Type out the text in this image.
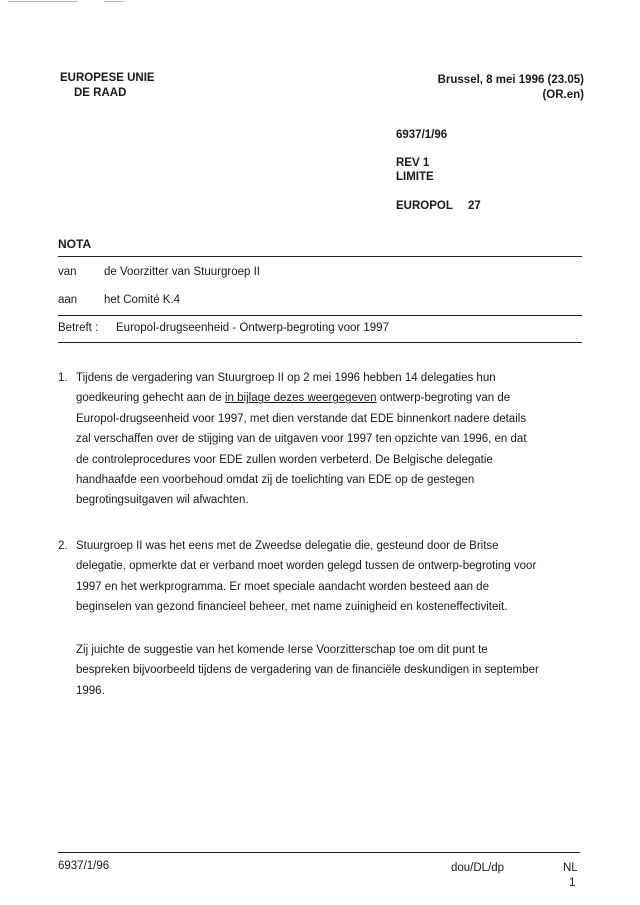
EUROPESE UNIE
DE RAAD
Brussel, 8 mei 1996 (23.05)
(OR.en)
6937/1/96
REV 1
LIMITE
EUROPOL 27
NOTA
van de Voorzitter van Stuurgroep II
aan het Comité K.4
Betreft : Europol-drugseenheid - Ontwerp-begroting voor 1997
1. Tijdens de vergadering van Stuurgroep II op 2 mei 1996 hebben 14 delegaties hun
goedkeuring gehecht aan de in bijlage dezes weergegeven ontwerp-begroting van de
Europol-drugseenheid voor 1997, met dien verstande dat EDE binnenkort nadere details
zal verschaffen over de stijging van de uitgaven voor 1997 ten opzichte van 1996, en dat
de controleprocedures voor EDE zullen worden verbeterd. De Belgische delegatie
handhaafde een voorbehoud omdat zij de toelichting van EDE op de gestegen
begrotingsuitgaven wil afwachten.
2. Stuurgroep II was het eens met de Zweedse delegatie die, gesteund door de Britse
delegatie, opmerkte dat er verband moet worden gelegd tussen de ontwerp-begroting voor
1997 en het werkprogramma. Er moet speciale aandacht worden besteed aan de
beginselen van gezond financieel beheer, met name zuinigheid en kosteneffectiviteit.
Zij juichte de suggestie van het komende Ierse Voorzitterschap toe om dit punt te
bespreken bijvoorbeeld tijdens de vergadering van de financiële deskundigen in september
1996.
6937/1/96	dou/DL/dp	NL
1
